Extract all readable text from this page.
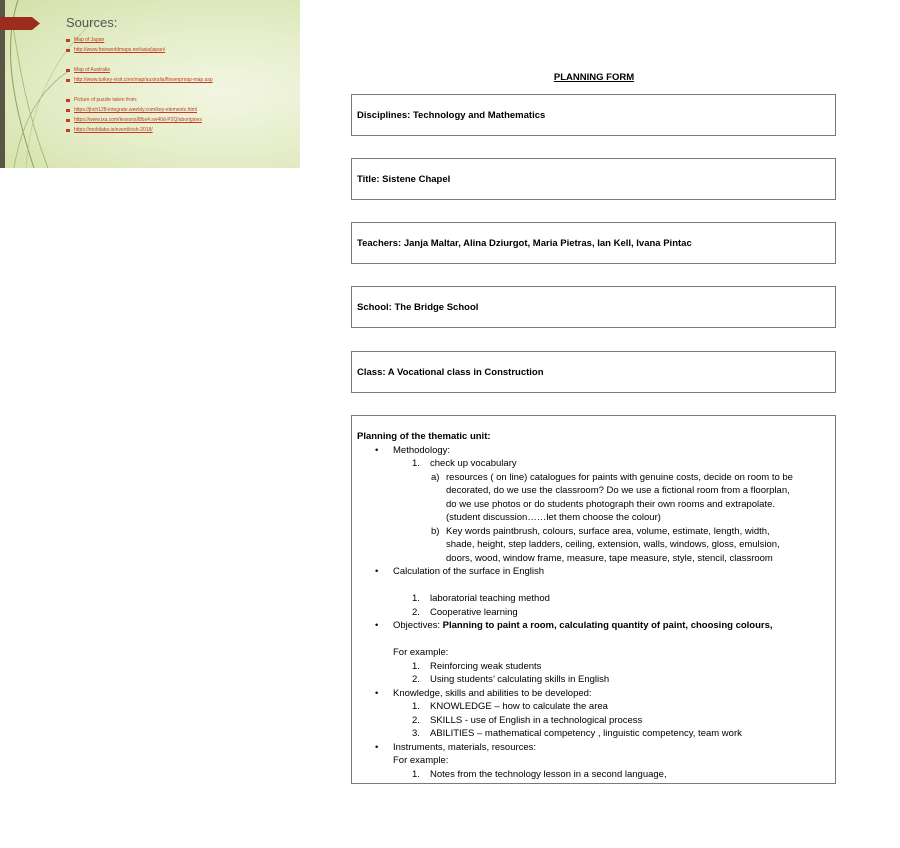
Sources:
Map of Japan
http://www.freeworldmaps.net/asia/japan/
Map of Australia
http://www.turkey-visit.com/map/australia/flowerpmap-map.asp
Picture of puzzle taken from:
https://jhch128-integrate.weebly.com/key-elements.html
https://www.ixa.com/lessons/l8bx4.sw40d-P2Q/aborigines
https://mobilabs.ie/event/irish-2018/
PLANNING FORM
Disciplines: Technology and Mathematics
Title: Sistene Chapel
Teachers: Janja Maltar, Alina Dziurgot, Maria Pietras, Ian Kell, Ivana Pintac
School: The Bridge School
Class: A Vocational class in Construction
Planning of the thematic unit:
• Methodology:
1. check up vocabulary
a) resources ( on line) catalogues for paints with genuine costs, decide on room to be
decorated, do we use the classroom? Do we use a fictional room from a floorplan,
do we use photos or do students photograph their own rooms and extrapolate.
(student discussion……let them choose the colour)
b) Key words paintbrush, colours, surface area, volume, estimate, length, width,
shade, height, step ladders, ceiling, extension, walls, windows, gloss, emulsion,
doors, wood, window frame, measure, tape measure, style, stencil, classroom
• Calculation of the surface in English
1. laboratorial teaching method
2. Cooperative learning
• Objectives: Planning to paint a room, calculating quantity of paint, choosing colours,
For example:
1. Reinforcing weak students
2. Using students’ calculating skills in English
• Knowledge, skills and abilities to be developed:
1. KNOWLEDGE – how to calculate the area
2. SKILLS - use of English in a technological process
3. ABILITIES – mathematical competency , linguistic competency, team work
• Instruments, materials, resources:
For example:
1. Notes from the technology lesson in a second language,
